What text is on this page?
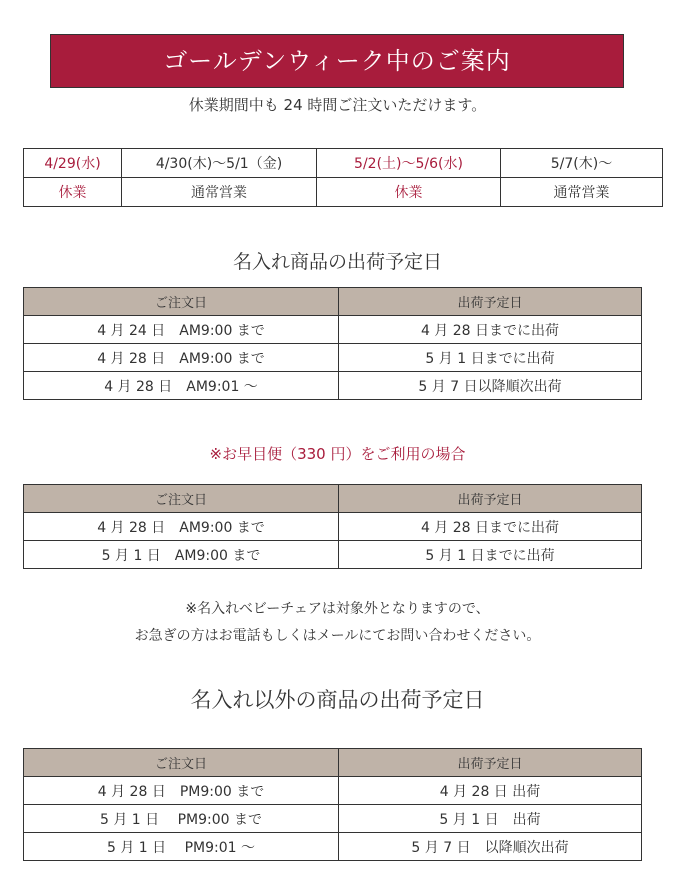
ゴールデンウィーク中のご案内
休業期間中も 24 時間ご注文いただけます。
4/29(水)	4/30(木)～5/1（金)	5/2(土)～5/6(水)	5/7(木)～
休業	通常営業	休業	通常営業
名入れ商品の出荷予定日
ご注文日	出荷予定日
4 月 24 日　AM9:00 まで	4 月 28 日までに出荷
4 月 28 日　AM9:00 まで	5 月 1 日までに出荷
4 月 28 日　AM9:01 ～	5 月 7 日以降順次出荷
※お早目便（330 円）をご利用の場合
ご注文日	出荷予定日
4 月 28 日　AM9:00 まで	4 月 28 日までに出荷
5 月 1 日　AM9:00 まで	5 月 1 日までに出荷
※名入れベビーチェアは対象外となりますので、
お急ぎの方はお電話もしくはメールにてお問い合わせください。
名入れ以外の商品の出荷予定日
ご注文日	出荷予定日
4 月 28 日　PM9:00 まで	4 月 28 日 出荷
5 月 1 日　 PM9:00 まで	5 月 1 日　出荷
5 月 1 日　 PM9:01 ～	5 月 7 日　以降順次出荷
